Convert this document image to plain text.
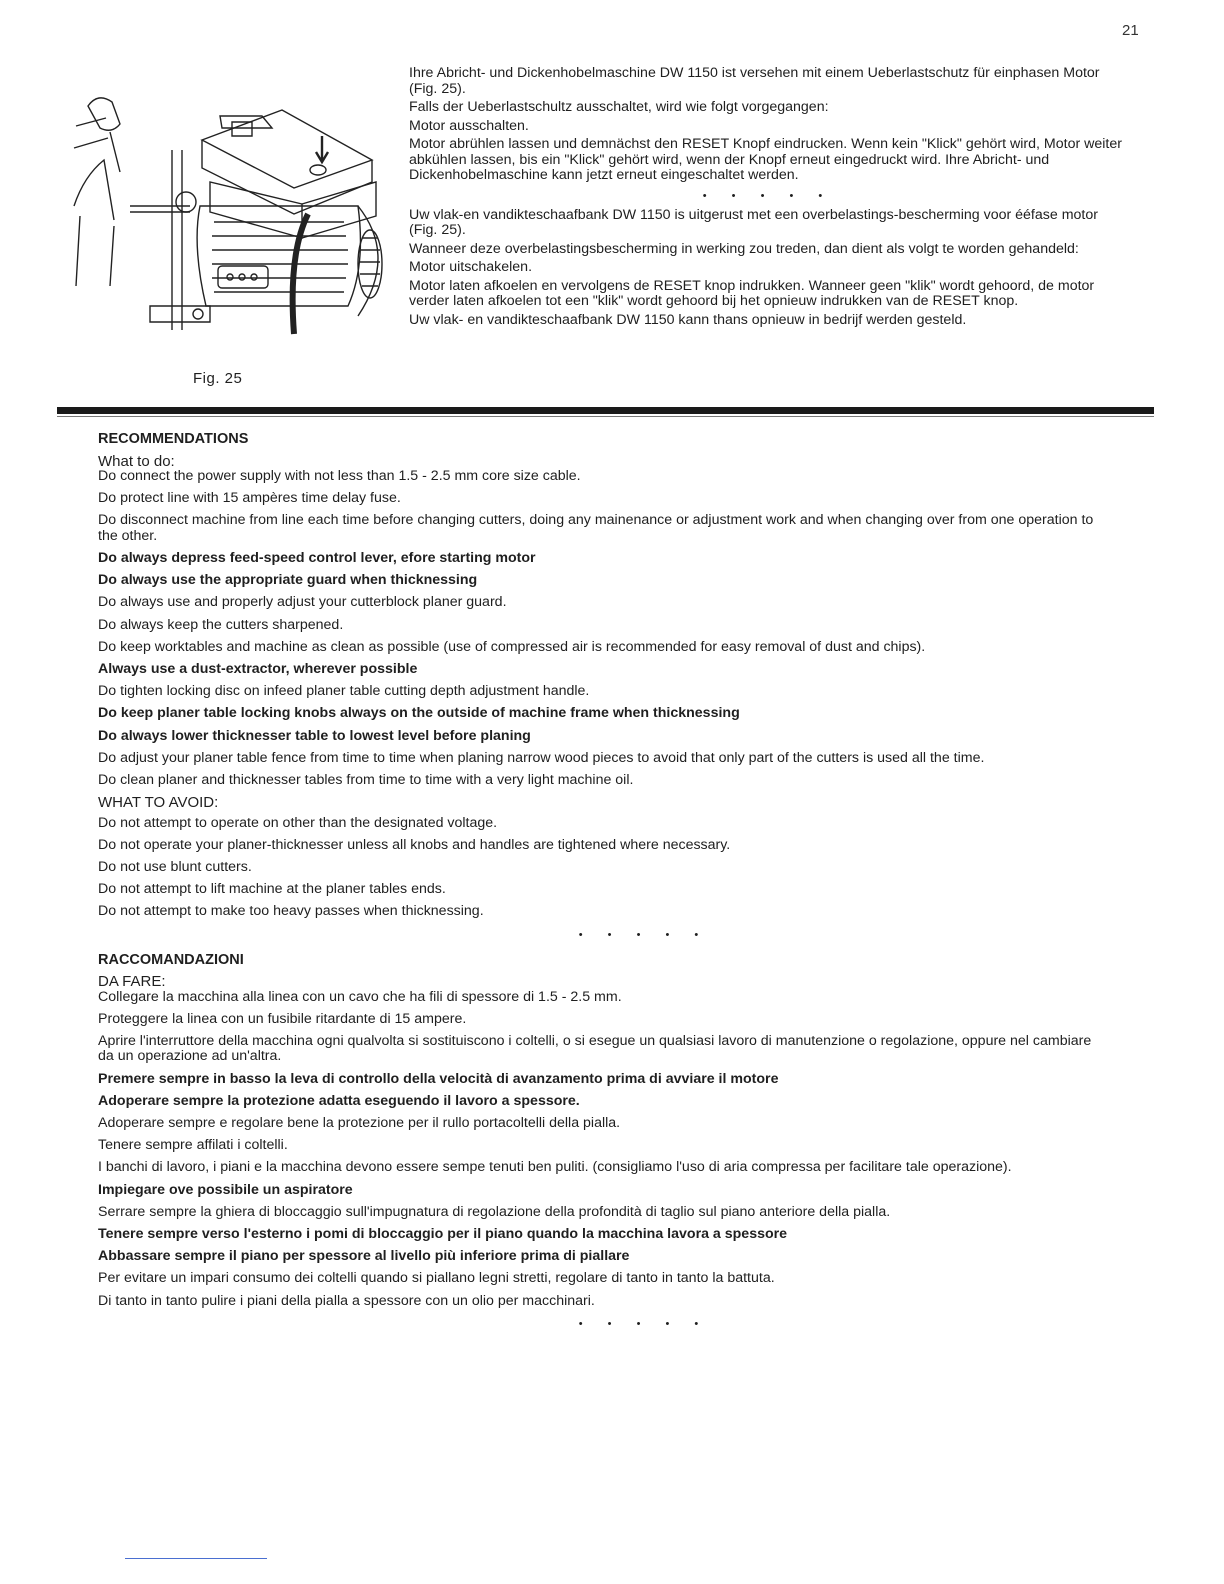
21
Fig. 25

Ihre Abricht- und Dickenhobelmaschine DW 1150 ist versehen mit einem Ueberlastschutz für einphasen Motor (Fig. 25).

Falls der Ueberlastschultz ausschaltet, wird wie folgt vorgegangen:

Motor ausschalten.

Motor abrühlen lassen und demnächst den RESET Knopf eindrucken. Wenn kein "Klick" gehört wird, Motor weiter abkühlen lassen, bis ein "Klick" gehört wird, wenn der Knopf erneut eingedruckt wird. Ihre Abricht- und Dickenhobelmaschine kann jetzt erneut eingeschaltet werden.

• • • • •

Uw vlak-en vandikteschaafbank DW 1150 is uitgerust met een overbelastings-bescherming voor ééfase motor (Fig. 25).

Wanneer deze overbelastingsbescherming in werking zou treden, dan dient als volgt te worden gehandeld:

Motor uitschakelen.

Motor laten afkoelen en vervolgens de RESET knop indrukken. Wanneer geen "klik" wordt gehoord, de motor verder laten afkoelen tot een "klik" wordt gehoord bij het opnieuw indrukken van de RESET knop.

Uw vlak- en vandikteschaafbank DW 1150 kann thans opnieuw in bedrijf werden gesteld.

RECOMMENDATIONS

What to do:

Do connect the power supply with not less than 1.5 - 2.5 mm core size cable.

Do protect line with 15 ampères time delay fuse.

Do disconnect machine from line each time before changing cutters, doing any mainenance or adjustment work and when changing over from one operation to the other.

Do always depress feed-speed control lever, efore starting motor

Do always use the appropriate guard when thicknessing

Do always use and properly adjust your cutterblock planer guard.

Do always keep the cutters sharpened.

Do keep worktables and machine as clean as possible (use of compressed air is recommended for easy removal of dust and chips).

Always use a dust-extractor, wherever possible

Do tighten locking disc on infeed planer table cutting depth adjustment handle.

Do keep planer table locking knobs always on the outside of machine frame when thicknessing

Do always lower thicknesser table to lowest level before planing

Do adjust your planer table fence from time to time when planing narrow wood pieces to avoid that only part of the cutters is used all the time.

Do clean planer and thicknesser tables from time to time with a very light machine oil.

WHAT TO AVOID:

Do not attempt to operate on other than the designated voltage.

Do not operate your planer-thicknesser unless all knobs and handles are tightened where necessary.

Do not use blunt cutters.

Do not attempt to lift machine at the planer tables ends.

Do not attempt to make too heavy passes when thicknessing.

• • • • •

RACCOMANDAZIONI

DA FARE:

Collegare la macchina alla linea con un cavo che ha fili di spessore di 1.5 - 2.5 mm.

Proteggere la linea con un fusibile ritardante di 15 ampere.

Aprire l'interruttore della macchina ogni qualvolta si sostituiscono i coltelli, o si esegue un qualsiasi lavoro di manutenzione o regolazione, oppure nel cambiare da un operazione ad un'altra.

Premere sempre in basso la leva di controllo della velocità di avanzamento prima di avviare il motore

Adoperare sempre la protezione adatta eseguendo il lavoro a spessore.

Adoperare sempre e regolare bene la protezione per il rullo portacoltelli della pialla.

Tenere sempre affilati i coltelli.

I banchi di lavoro, i piani e la macchina devono essere sempe tenuti ben puliti. (consigliamo l'uso di aria compressa per facilitare tale operazione).

Impiegare ove possibile un aspiratore

Serrare sempre la ghiera di bloccaggio sull'impugnatura di regolazione della profondità di taglio sul piano anteriore della pialla.

Tenere sempre verso l'esterno i pomi di bloccaggio per il piano quando la macchina lavora a spessore

Abbassare sempre il piano per spessore al livello più inferiore prima di piallare

Per evitare un impari consumo dei coltelli quando si piallano legni stretti, regolare di tanto in tanto la battuta.

Di tanto in tanto pulire i piani della pialla a spessore con un olio per macchinari.

• • • • •
